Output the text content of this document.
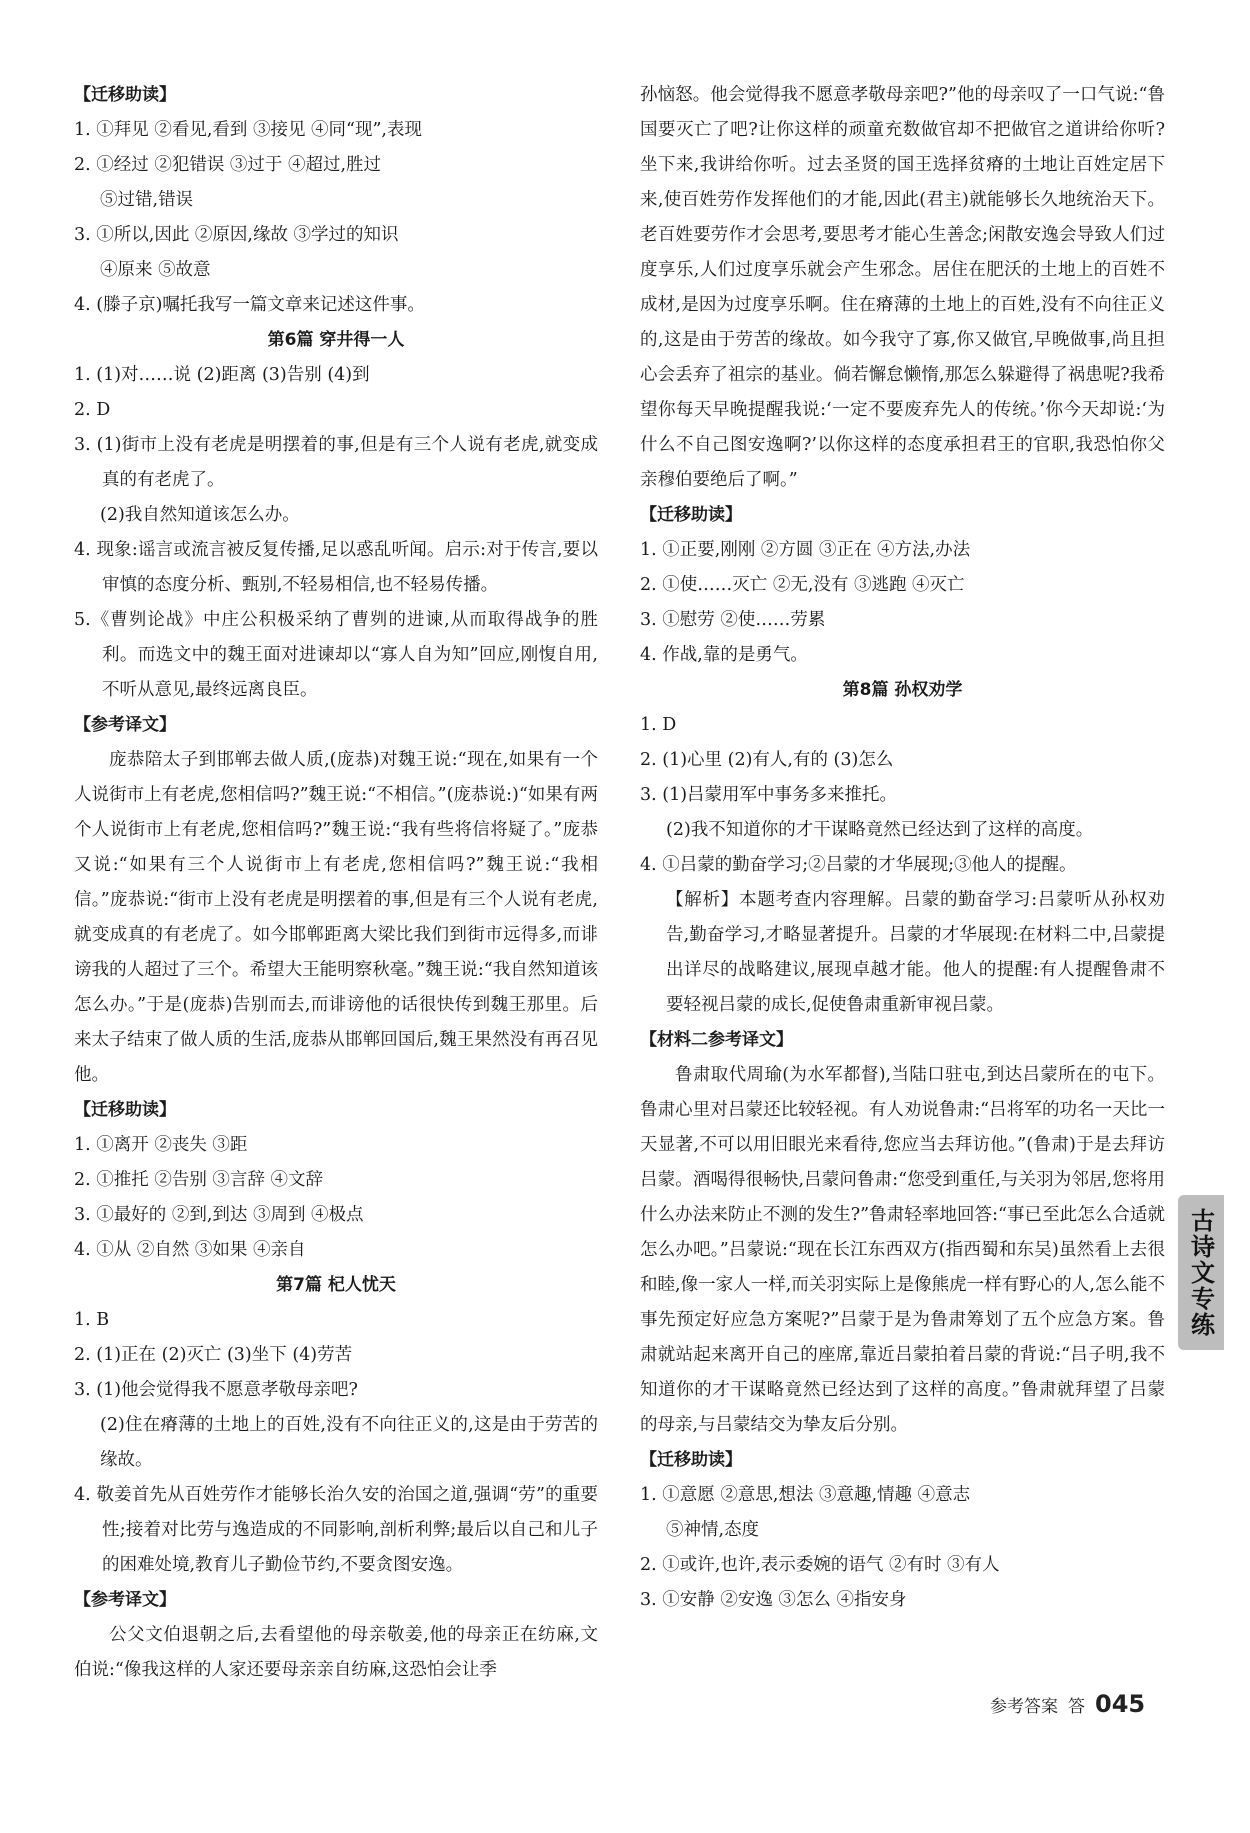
【迁移助读】
1. ①拜见 ②看见,看到 ③接见 ④同“现”,表现
2. ①经过 ②犯错误 ③过于 ④超过,胜过
⑤过错,错误
3. ①所以,因此 ②原因,缘故 ③学过的知识
④原来 ⑤故意
4. (滕子京)嘱托我写一篇文章来记述这件事。
第6篇 穿井得一人
1. (1)对……说 (2)距离 (3)告别 (4)到
2. D
3. (1)街市上没有老虎是明摆着的事,但是有三个人说有老虎,就变成真的有老虎了。
(2)我自然知道该怎么办。
4. 现象:谣言或流言被反复传播,足以惑乱听闻。启示:对于传言,要以审慎的态度分析、甄别,不轻易相信,也不轻易传播。
5.《曹刿论战》中庄公积极采纳了曹刿的进谏,从而取得战争的胜利。而选文中的魏王面对进谏却以“寡人自为知”回应,刚愎自用,不听从意见,最终远离良臣。
【参考译文】
庞恭陪太子到邯郸去做人质,(庞恭)对魏王说:“现在,如果有一个人说街市上有老虎,您相信吗?”魏王说:“不相信。”(庞恭说:)“如果有两个人说街市上有老虎,您相信吗?”魏王说:“我有些将信将疑了。”庞恭又说:“如果有三个人说街市上有老虎,您相信吗?”魏王说:“我相信。”庞恭说:“街市上没有老虎是明摆着的事,但是有三个人说有老虎,就变成真的有老虎了。如今邯郸距离大梁比我们到街市远得多,而诽谤我的人超过了三个。希望大王能明察秋毫。”魏王说:“我自然知道该怎么办。”于是(庞恭)告别而去,而诽谤他的话很快传到魏王那里。后来太子结束了做人质的生活,庞恭从邯郸回国后,魏王果然没有再召见他。
【迁移助读】
1. ①离开 ②丧失 ③距
2. ①推托 ②告别 ③言辞 ④文辞
3. ①最好的 ②到,到达 ③周到 ④极点
4. ①从 ②自然 ③如果 ④亲自
第7篇 杞人忧天
1. B
2. (1)正在 (2)灭亡 (3)坐下 (4)劳苦
3. (1)他会觉得我不愿意孝敬母亲吧?
(2)住在瘠薄的土地上的百姓,没有不向往正义的,这是由于劳苦的缘故。
4. 敬姜首先从百姓劳作才能够长治久安的治国之道,强调“劳”的重要性;接着对比劳与逸造成的不同影响,剖析利弊;最后以自己和儿子的困难处境,教育儿子勤俭节约,不要贪图安逸。
【参考译文】
公父文伯退朝之后,去看望他的母亲敬姜,他的母亲正在纺麻,文伯说:“像我这样的人家还要母亲亲自纺麻,这恐怕会让季
孙恼怒。他会觉得我不愿意孝敬母亲吧?”他的母亲叹了一口气说:“鲁国要灭亡了吧?让你这样的顽童充数做官却不把做官之道讲给你听?坐下来,我讲给你听。过去圣贤的国王选择贫瘠的土地让百姓定居下来,使百姓劳作发挥他们的才能,因此(君主)就能够长久地统治天下。老百姓要劳作才会思考,要思考才能心生善念;闲散安逸会导致人们过度享乐,人们过度享乐就会产生邪念。居住在肥沃的土地上的百姓不成材,是因为过度享乐啊。住在瘠薄的土地上的百姓,没有不向往正义的,这是由于劳苦的缘故。如今我守了寡,你又做官,早晚做事,尚且担心会丢弃了祖宗的基业。倘若懈怠懒惰,那怎么躲避得了祸患呢?我希望你每天早晚提醒我说:‘一定不要废弃先人的传统。’你今天却说:‘为什么不自己图安逸啊?’以你这样的态度承担君王的官职,我恐怕你父亲穆伯要绝后了啊。”
【迁移助读】
1. ①正要,刚刚 ②方圆 ③正在 ④方法,办法
2. ①使……灭亡 ②无,没有 ③逃跑 ④灭亡
3. ①慰劳 ②使……劳累
4. 作战,靠的是勇气。
第8篇 孙权劝学
1. D
2. (1)心里 (2)有人,有的 (3)怎么
3. (1)吕蒙用军中事务多来推托。
(2)我不知道你的才干谋略竟然已经达到了这样的高度。
4. ①吕蒙的勤奋学习;②吕蒙的才华展现;③他人的提醒。
【解析】本题考查内容理解。吕蒙的勤奋学习:吕蒙听从孙权劝告,勤奋学习,才略显著提升。吕蒙的才华展现:在材料二中,吕蒙提出详尽的战略建议,展现卓越才能。他人的提醒:有人提醒鲁肃不要轻视吕蒙的成长,促使鲁肃重新审视吕蒙。
【材料二参考译文】
鲁肃取代周瑜(为水军都督),当陆口驻屯,到达吕蒙所在的屯下。鲁肃心里对吕蒙还比较轻视。有人劝说鲁肃:“吕将军的功名一天比一天显著,不可以用旧眼光来看待,您应当去拜访他。”(鲁肃)于是去拜访吕蒙。酒喝得很畅快,吕蒙问鲁肃:“您受到重任,与关羽为邻居,您将用什么办法来防止不测的发生?”鲁肃轻率地回答:“事已至此怎么合适就怎么办吧。”吕蒙说:“现在长江东西双方(指西蜀和东吴)虽然看上去很和睦,像一家人一样,而关羽实际上是像熊虎一样有野心的人,怎么能不事先预定好应急方案呢?”吕蒙于是为鲁肃筹划了五个应急方案。鲁肃就站起来离开自己的座席,靠近吕蒙拍着吕蒙的背说:“吕子明,我不知道你的才干谋略竟然已经达到了这样的高度。”鲁肃就拜望了吕蒙的母亲,与吕蒙结交为挚友后分别。
【迁移助读】
1. ①意愿 ②意思,想法 ③意趣,情趣 ④意志
⑤神情,态度
2. ①或许,也许,表示委婉的语气 ②有时 ③有人
3. ①安静 ②安逸 ③怎么 ④指安身
古诗文专练
参考答案 答 045
